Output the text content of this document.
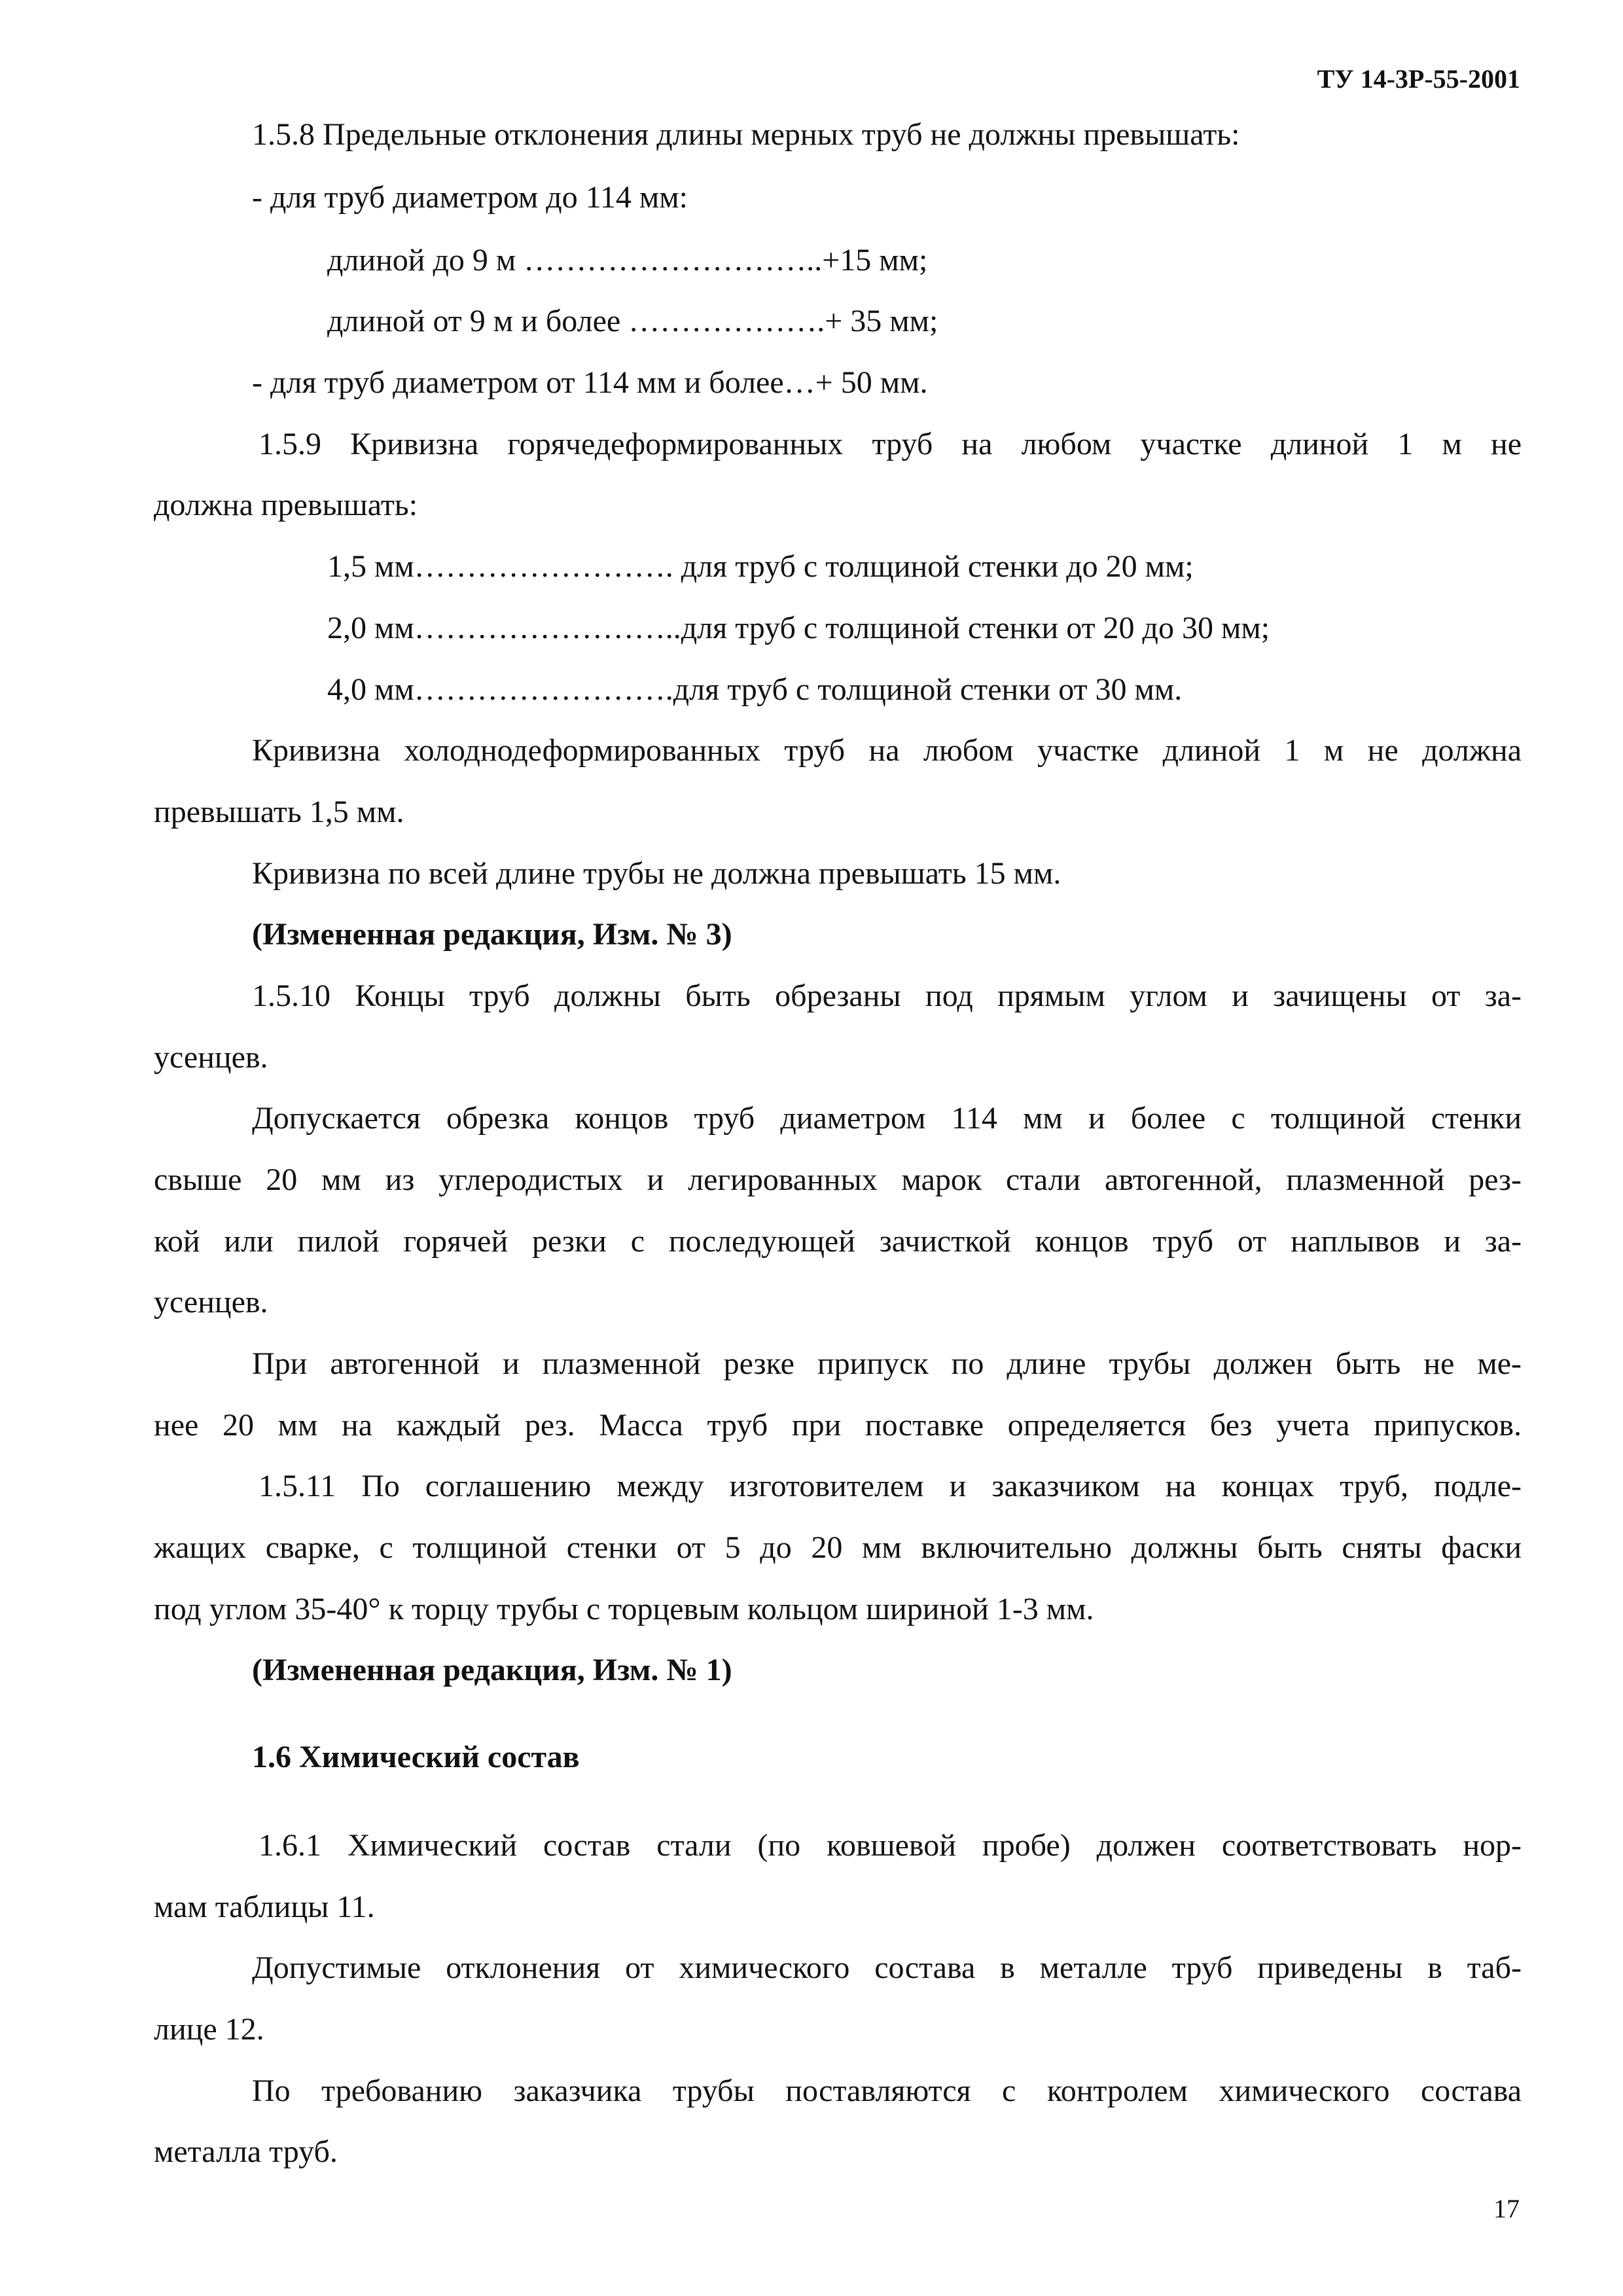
ТУ 14-3Р-55-2001
1.5.8 Предельные отклонения длины мерных труб не должны превышать:
- для труб диаметром до 114 мм:
длиной до 9 м ………………………..+15 мм;
длиной от 9 м и более ……………….+ 35 мм;
- для труб диаметром от 114 мм и более…+ 50 мм.
1.5.9 Кривизна горячедеформированных труб на любом участке длиной 1 м не
должна превышать:
1,5 мм……………………. для труб с толщиной стенки до 20 мм;
2,0 мм……………………..для труб с толщиной стенки от 20 до 30 мм;
4,0 мм…………………….для труб с толщиной стенки от 30 мм.
Кривизна холоднодеформированных труб на любом участке длиной 1 м не должна
превышать 1,5 мм.
Кривизна по всей длине трубы не должна превышать 15 мм.
(Измененная редакция, Изм. № 3)
1.5.10 Концы труб должны быть обрезаны под прямым углом и зачищены от за-
усенцев.
Допускается обрезка концов труб диаметром 114 мм и более с толщиной стенки
свыше 20 мм из углеродистых и легированных марок стали автогенной, плазменной рез-
кой или пилой горячей резки с последующей зачисткой концов труб от наплывов и за-
усенцев.
При автогенной и плазменной резке припуск по длине трубы должен быть не ме-
нее 20 мм на каждый рез. Масса труб при поставке определяется без учета припусков.
1.5.11 По соглашению между изготовителем и заказчиком на концах труб, подле-
жащих сварке, с толщиной стенки от 5 до 20 мм включительно должны быть сняты фаски
под углом 35-40° к торцу трубы с торцевым кольцом шириной 1-3 мм.
(Измененная редакция, Изм. № 1)
1.6 Химический состав
1.6.1 Химический состав стали (по ковшевой пробе) должен соответствовать нор-
мам таблицы 11.
Допустимые отклонения от химического состава в металле труб приведены в таб-
лице 12.
По требованию заказчика трубы поставляются с контролем химического состава
металла труб.
17
